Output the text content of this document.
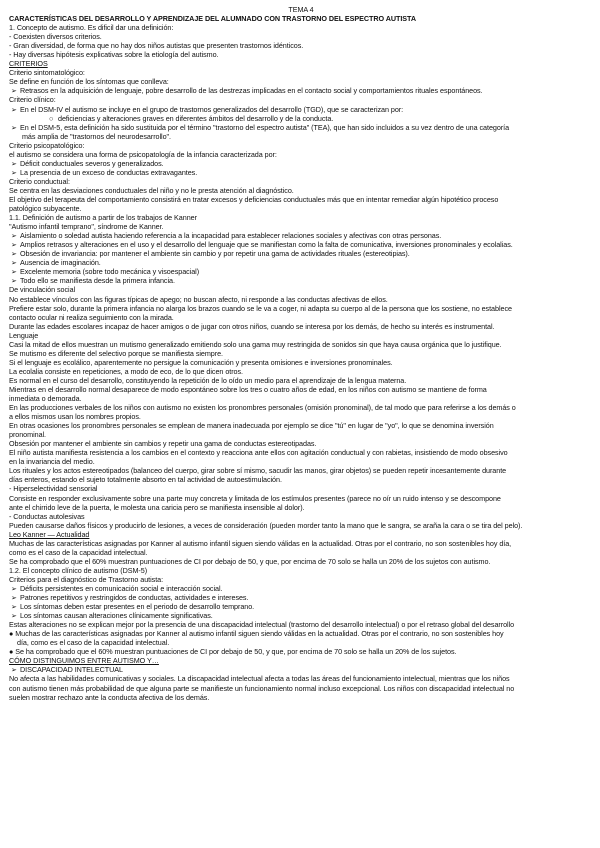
TEMA 4
CARACTERÍSTICAS DEL DESARROLLO Y APRENDIZAJE DEL ALUMNADO CON TRASTORNO DEL ESPECTRO AUTISTA
1. Concepto de autismo. Es dificil dar una definición:
- Coexisten diversos criterios.
- Gran diversidad, de forma que no hay dos niños autistas que presenten trastornos idénticos.
- Hay diversas hipótesis explicativas sobre la etiología del autismo.
CRITERIOS
Criterio sintomatológico:
Se define en función de los síntomas que conlleva:
➢ Retrasos en la adquisición de lenguaje, pobre desarrollo de las destrezas implicadas en el contacto social y comportamientos rituales espontáneos.
Criterio clínico:
➢ En el DSM-IV el autismo se incluye en el grupo de trastornos generalizados del desarrollo (TGD), que se caracterizan por:
○ deficiencias y alteraciones graves en diferentes ámbitos del desarrollo y de la conducta.
➢ En el DSM-5, esta definición ha sido sustituida por el término "trastorno del espectro autista" (TEA), que han sido incluidos a su vez dentro de una categoría
más amplia de "trastornos del neurodesarrollo".
Criterio psicopatológico:
el autismo se considera una forma de psicopatología de la infancia caracterizada por:
➢ Déficit conductuales severos y generalizados.
➢ La presencia de un exceso de conductas extravagantes.
Criterio conductual:
Se centra en las desviaciones conductuales del niño y no le presta atención al diagnóstico.
El objetivo del terapeuta del comportamiento consistirá en tratar excesos y deficiencias conductuales más que en intentar remediar algún hipotético proceso
patológico subyacente.
1.1. Definición de autismo a partir de los trabajos de Kanner
"Autismo infantil temprano", síndrome de Kanner.
➢ Aislamiento o soledad autista haciendo referencia a la incapacidad para establecer relaciones sociales y afectivas con otras personas.
➢ Amplios retrasos y alteraciones en el uso y el desarrollo del lenguaje que se manifiestan como la falta de comunicativa, inversiones pronominales y ecolalias.
➢ Obsesión de invariancia: por mantener el ambiente sin cambio y por repetir una gama de actividades rituales (estereotipias).
➢ Ausencia de imaginación.
➢ Excelente memoria (sobre todo mecánica y visoespacial)
➢ Todo ello se manifiesta desde la primera infancia.
De vinculación social
No establece vínculos con las figuras típicas de apego; no buscan afecto, ni responde a las conductas afectivas de ellos.
Prefiere estar solo, durante la primera infancia no alarga los brazos cuando se le va a coger, ni adapta su cuerpo al de la persona que los sostiene, no establece
contacto ocular ni realiza seguimiento con la mirada.
Durante las edades escolares incapaz de hacer amigos o de jugar con otros niños, cuando se interesa por los demás, de hecho su interés es instrumental.
Lenguaje
Casi la mitad de ellos muestran un mutismo generalizado emitiendo solo una gama muy restringida de sonidos sin que haya causa orgánica que lo justifique.
Se mutismo es diferente del selectivo porque se manifiesta siempre.
Si el lenguaje es ecolálico, aparentemente no persigue la comunicación y presenta omisiones e inversiones pronominales.
La ecolalia consiste en repeticiones, a modo de eco, de lo que dicen otros.
Es normal en el curso del desarrollo, constituyendo la repetición de lo oído un medio para el aprendizaje de la lengua materna.
Mientras en el desarrollo normal desaparece de modo espontáneo sobre los tres o cuatro años de edad, en los niños con autismo se mantiene de forma
inmediata o demorada.
En las producciones verbales de los niños con autismo no existen los pronombres personales (omisión pronominal), de tal modo que para referirse a los demás o
a ellos mismos usan los nombres propios.
En otras ocasiones los pronombres personales se emplean de manera inadecuada por ejemplo se dice "tú" en lugar de "yo", lo que se denomina inversión
pronominal.
Obsesión por mantener el ambiente sin cambios y repetir una gama de conductas estereotipadas.
El niño autista manifiesta resistencia a los cambios en el contexto y reacciona ante ellos con agitación conductual y con rabietas, insistiendo de modo obsesivo
en la invariancia del medio.
Los rituales y los actos estereotipados (balanceo del cuerpo, girar sobre sí mismo, sacudir las manos, girar objetos) se pueden repetir incesantemente durante
días enteros, estando el sujeto totalmente absorto en tal actividad de autoestimulación.
- Hiperselectividad sensorial
Consiste en responder exclusivamente sobre una parte muy concreta y limitada de los estímulos presentes (parece no oír un ruido intenso y se descompone
ante el chirrido leve de la puerta, le molesta una caricia pero se manifiesta insensible al dolor).
- Conductas autolesivas
Pueden causarse daños físicos y producirlo de lesiones, a veces de consideración (pueden morder tanto la mano que le sangra, se araña la cara o se tira del pelo).
Leo Kanner — Actualidad
Muchas de las características asignadas por Kanner al autismo infantil siguen siendo válidas en la actualidad. Otras por el contrario, no son sostenibles hoy día,
como es el caso de la capacidad intelectual.
Se ha comprobado que el 60% muestran puntuaciones de CI por debajo de 50, y que, por encima de 70 solo se halla un 20% de los sujetos con autismo.
1.2. El concepto clínico de autismo (DSM-5)
Criterios para el diagnóstico de Trastorno autista:
➢ Déficits persistentes en comunicación social e interacción social.
➢ Patrones repetitivos y restringidos de conductas, actividades e intereses.
➢ Los síntomas deben estar presentes en el periodo de desarrollo temprano.
➢ Los síntomas causan alteraciones clínicamente significativas.
Estas alteraciones no se explican mejor por la presencia de una discapacidad intelectual (trastorno del desarrollo intelectual) o por el retraso global del desarrollo
● Muchas de las características asignadas por Kanner al autismo infantil siguen siendo válidas en la actualidad. Otras por el contrario, no son sostenibles hoy
día, como es el caso de la capacidad intelectual.
● Se ha comprobado que el 60% muestran puntuaciones de CI por debajo de 50, y que, por encima de 70 solo se halla un 20% de los sujetos.
CÓMO DISTINGUIMOS ENTRE AUTISMO Y…
➢ DISCAPACIDAD INTELECTUAL
No afecta a las habilidades comunicativas y sociales. La discapacidad intelectual afecta a todas las áreas del funcionamiento intelectual, mientras que los niños
con autismo tienen más probabilidad de que alguna parte se manifieste un funcionamiento normal incluso excepcional. Los niños con discapacidad intelectual no
suelen mostrar rechazo ante la conducta afectiva de los demás.
